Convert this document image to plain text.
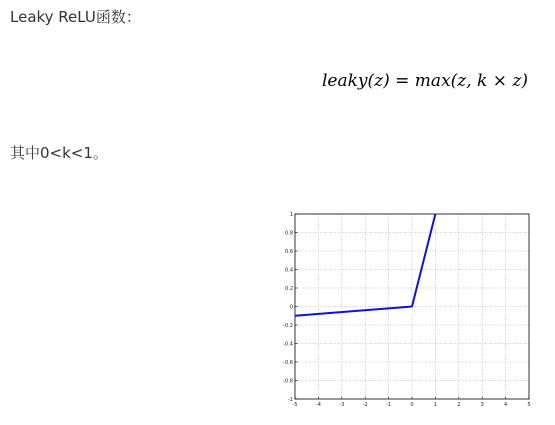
Leaky ReLU函数：
leaky(z) = max(z, k × z)
其中0<k<1。
-5	-4	-3	-2	-1	0	1	2	3	4	5
1
0.8
0.6
0.4
0.2
0
-0.2
-0.4
-0.6
-0.8
-1
